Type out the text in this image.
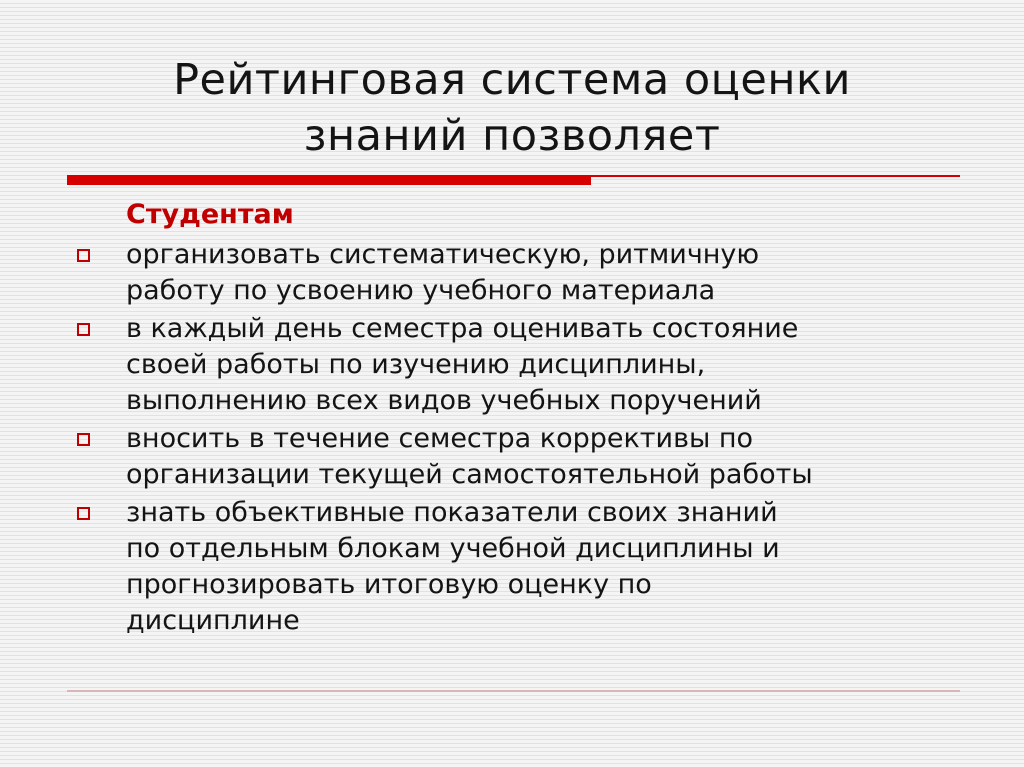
Рейтинговая система оценки
знаний позволяет
Студентам
организовать систематическую, ритмичную
работу по усвоению учебного материала
в каждый день семестра оценивать состояние
своей работы по изучению дисциплины,
выполнению всех видов учебных поручений
вносить в течение семестра коррективы по
организации текущей самостоятельной работы
знать объективные показатели своих знаний
по отдельным блокам учебной дисциплины и
прогнозировать итоговую оценку по
дисциплине
